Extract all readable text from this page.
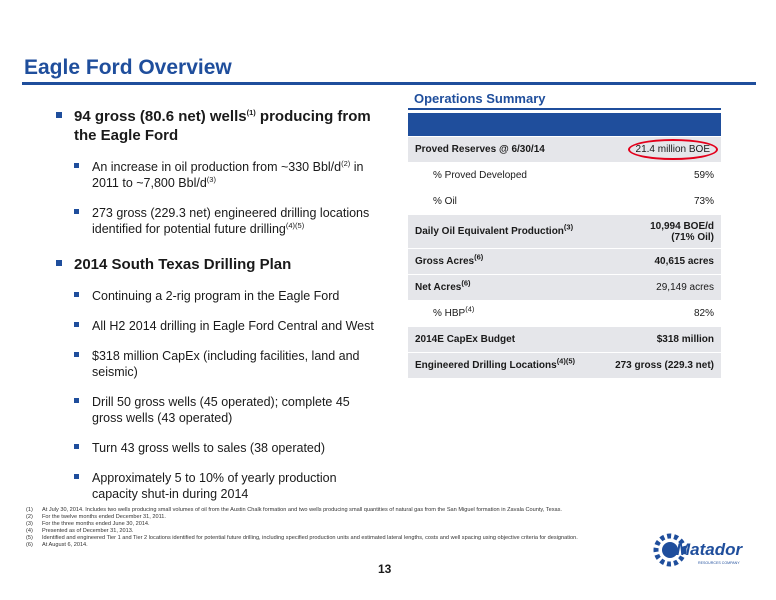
Eagle Ford Overview
94 gross (80.6 net) wells$^{(1)}$ producing from the Eagle Ford
An increase in oil production from ~330 Bbl/$d^{(2)}$ in 2011 to ~7,800 Bbl/$d^{(3)}$
273 gross (229.3 net) engineered drilling locations identified for potential future drilling$^{(4)(5)}$
2014 South Texas Drilling Plan
Continuing a 2-rig program in the Eagle Ford
All H2 2014 drilling in Eagle Ford Central and West
$318 million CapEx (including facilities, land and seismic)
Drill 50 gross wells (45 operated); complete 45 gross wells (43 operated)
Turn 43 gross wells to sales (38 operated)
Approximately 5 to 10% of yearly production capacity shut-in during 2014
Operations Summary
Proved Reserves @ 6/30/14	21.4 million BOE
% Proved Developed	59%
% Oil	73%
Daily Oil Equivalent Production$^{(3)}$	10,994 BOE/d
(71% Oil)
Gross Acres$^{(6)}$	40,615 acres
Net Acres$^{(6)}$	29,149 acres
% HBP$^{(4)}$	82%
2014E CapEx Budget	$318 million
Engineered Drilling Locations$^{(4)(5)}$	273 gross (229.3 net)
(1)	At July 30, 2014. Includes two wells producing small volumes of oil from the Austin Chalk formation and two wells producing small quantities of natural gas from the San Miguel formation in Zavala County, Texas.
(2)	For the twelve months ended December 31, 2011.
(3)	For the three months ended June 30, 2014.
(4)	Presented as of December 31, 2013.
(5)	Identified and engineered Tier 1 and Tier 2 locations identified for potential future drilling, including specified production units and estimated lateral lengths, costs and well spacing using objective criteria for designation.
(6)	At August 6, 2014.	Matador
RESOURCES COMPANY
13
